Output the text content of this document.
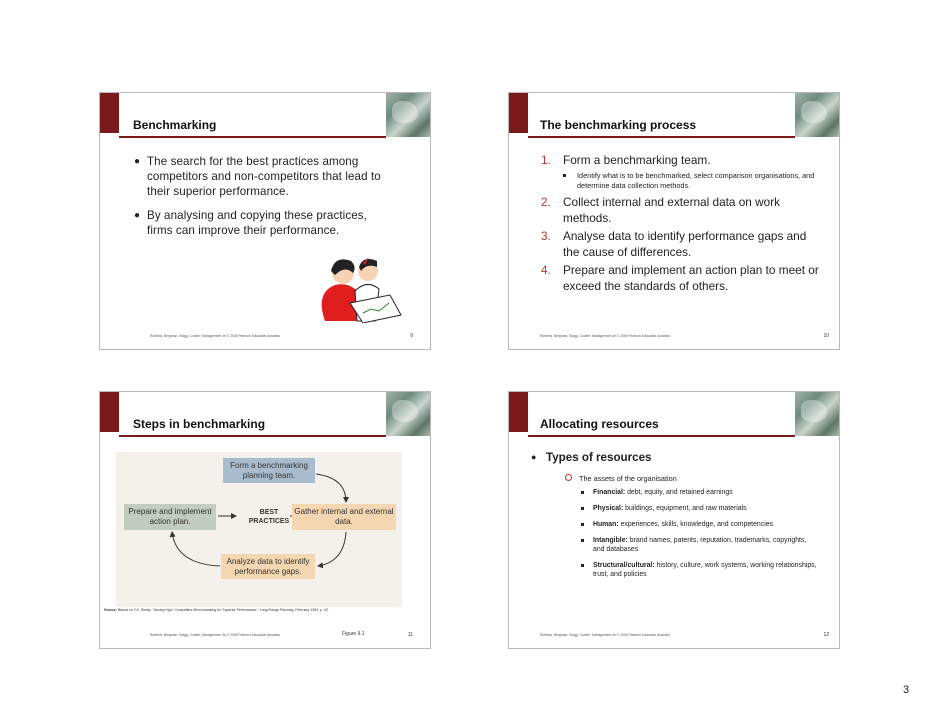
Benchmarking
● The search for the best practices among competitors and non-competitors that lead to their superior performance.
● By analysing and copying these practices, firms can improve their performance.
Robbins, Bergman, Stagg, Coulter: Management 4e © 2006 Pearson Education Australia	9
The benchmarking process
1.	Form a benchmarking team.
Identify what is to be benchmarked, select comparison organisations, and determine data collection methods.
2.	Collect internal and external data on work methods.
3.	Analyse data to identify performance gaps and the cause of differences.
4.	Prepare and implement an action plan to meet or exceed the standards of others.
Robbins, Bergman, Stagg, Coulter: Management 4e © 2006 Pearson Education Australia	10
Steps in benchmarking
Form a benchmarking planning team.
Prepare and implement action plan.
Gather internal and external data.
Analyze data to identify performance gaps.
BEST PRACTICES
Source: Based on Y.K. Shetty, "Aiming High: Competitive Benchmarking for Superior Performance," Long Range Planning, February 1993, p. 42.
Robbins, Bergman, Stagg, Coulter: Management 4e © 2006 Pearson Education Australia	Figure 9.1	11
Allocating resources
● Types of resources
The assets of the organisation
Financial: debt, equity, and retained earnings
Physical: buildings, equipment, and raw materials
Human: experiences, skills, knowledge, and competencies
Intangible: brand names, patents, reputation, trademarks, copyrights, and databases
Structural/cultural: history, culture, work systems, working relationships, trust, and policies
Robbins, Bergman, Stagg, Coulter: Management 4e © 2006 Pearson Education Australia	12
3
